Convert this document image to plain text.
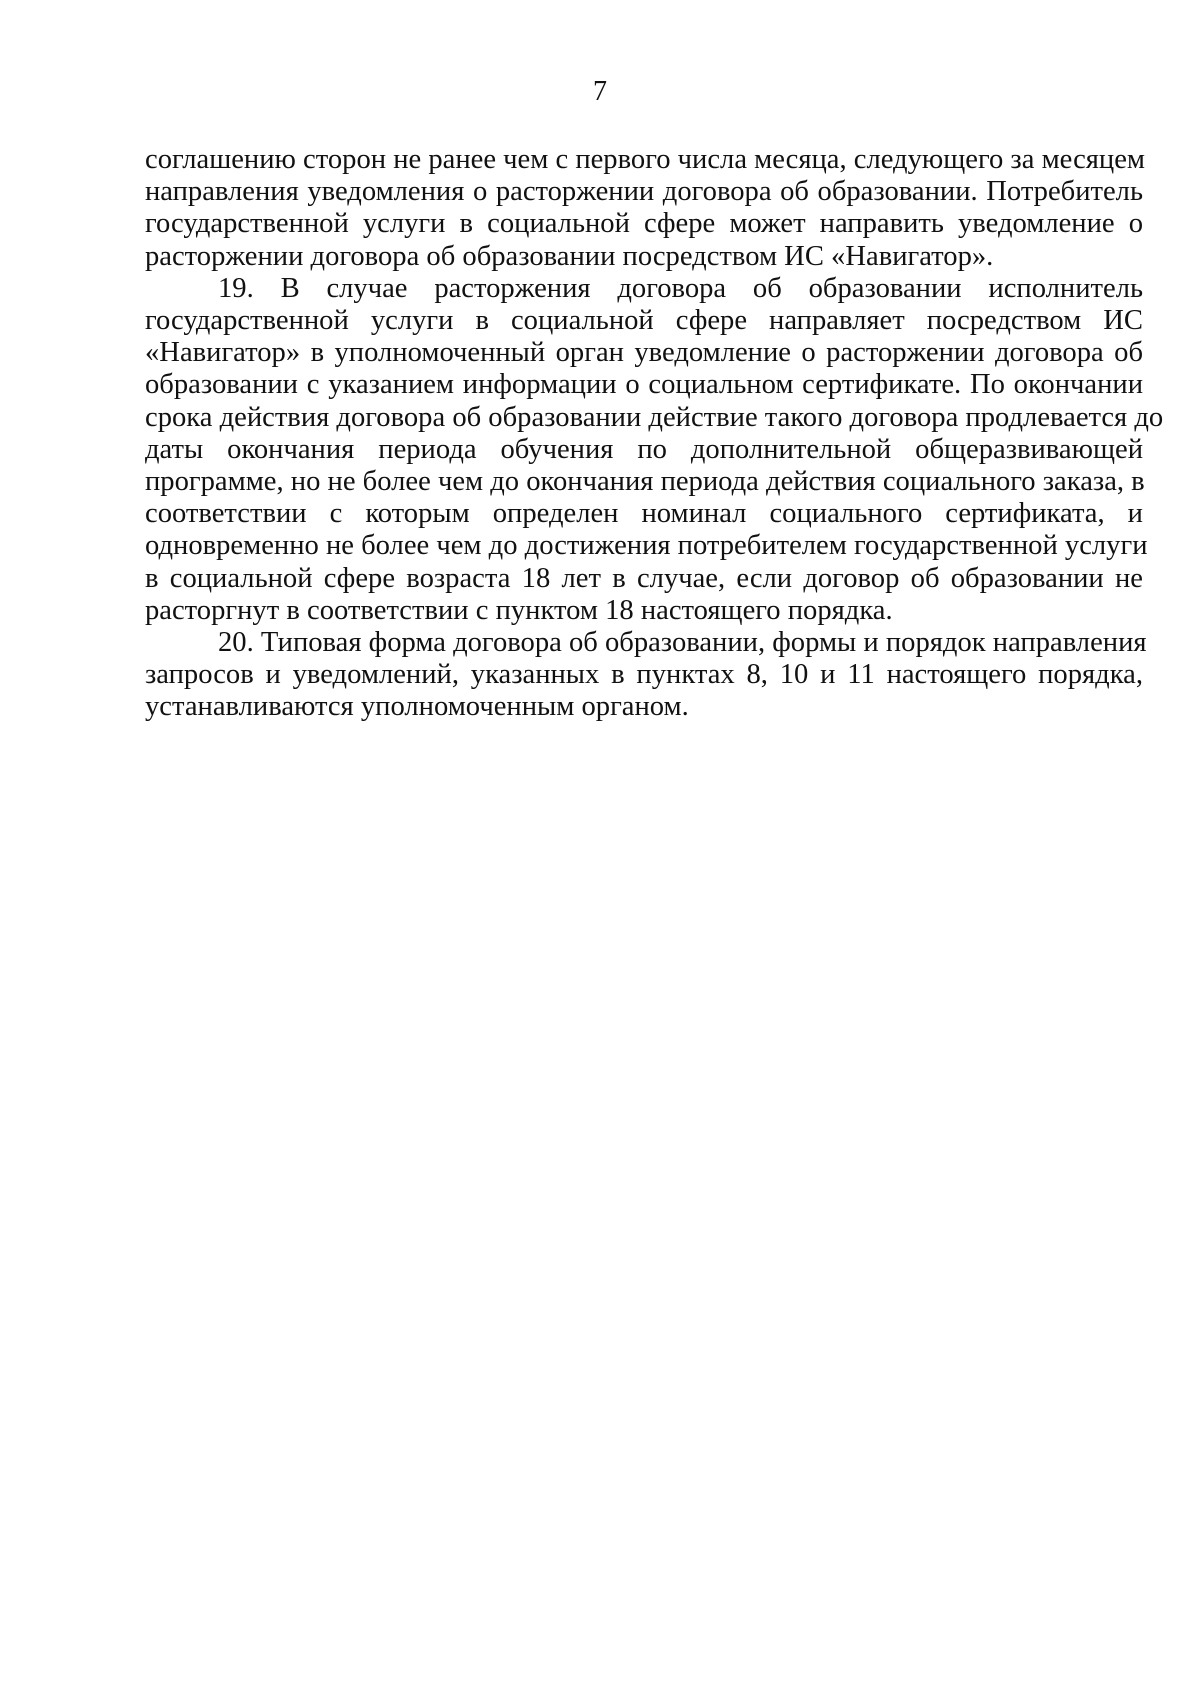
7

соглашению сторон не ранее чем с первого числа месяца, следующего за месяцем
направления уведомления о расторжении договора об образовании. Потребитель
государственной услуги в социальной сфере может направить уведомление о
расторжении договора об образовании посредством ИС «Навигатор».

19. В случае расторжения договора об образовании исполнитель
государственной услуги в социальной сфере направляет посредством ИС
«Навигатор» в уполномоченный орган уведомление о расторжении договора об
образовании с указанием информации о социальном сертификате. По окончании
срока действия договора об образовании действие такого договора продлевается до
даты окончания периода обучения по дополнительной общеразвивающей
программе, но не более чем до окончания периода действия социального заказа, в
соответствии с которым определен номинал социального сертификата, и
одновременно не более чем до достижения потребителем государственной услуги
в социальной сфере возраста 18 лет в случае, если договор об образовании не
расторгнут в соответствии с пунктом 18 настоящего порядка.

20. Типовая форма договора об образовании, формы и порядок направления
запросов и уведомлений, указанных в пунктах 8, 10 и 11 настоящего порядка,
устанавливаются уполномоченным органом.
